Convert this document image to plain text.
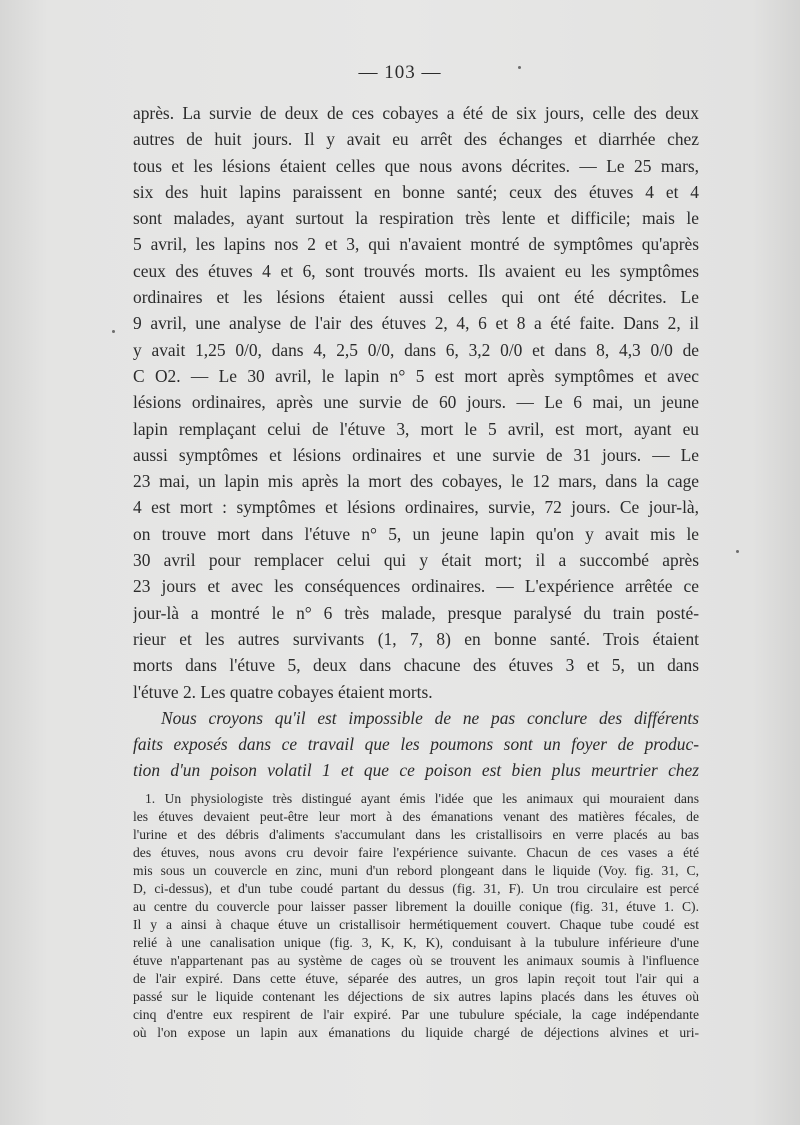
— 103 —
après. La survie de deux de ces cobayes a été de six jours, celle des deux
autres de huit jours. Il y avait eu arrêt des échanges et diarrhée chez
tous et les lésions étaient celles que nous avons décrites. — Le 25 mars,
six des huit lapins paraissent en bonne santé; ceux des étuves 4 et 4
sont malades, ayant surtout la respiration très lente et difficile; mais le
5 avril, les lapins nos 2 et 3, qui n'avaient montré de symptômes qu'après
ceux des étuves 4 et 6, sont trouvés morts. Ils avaient eu les symptômes
ordinaires et les lésions étaient aussi celles qui ont été décrites. Le
9 avril, une analyse de l'air des étuves 2, 4, 6 et 8 a été faite. Dans 2, il
y avait 1,25 0/0, dans 4, 2,5 0/0, dans 6, 3,2 0/0 et dans 8, 4,3 0/0 de
C O2. — Le 30 avril, le lapin n° 5 est mort après symptômes et avec
lésions ordinaires, après une survie de 60 jours. — Le 6 mai, un jeune
lapin remplaçant celui de l'étuve 3, mort le 5 avril, est mort, ayant eu
aussi symptômes et lésions ordinaires et une survie de 31 jours. — Le
23 mai, un lapin mis après la mort des cobayes, le 12 mars, dans la cage
4 est mort : symptômes et lésions ordinaires, survie, 72 jours. Ce jour-là,
on trouve mort dans l'étuve n° 5, un jeune lapin qu'on y avait mis le
30 avril pour remplacer celui qui y était mort; il a succombé après
23 jours et avec les conséquences ordinaires. — L'expérience arrêtée ce
jour-là a montré le n° 6 très malade, presque paralysé du train posté-
rieur et les autres survivants (1, 7, 8) en bonne santé. Trois étaient
morts dans l'étuve 5, deux dans chacune des étuves 3 et 5, un dans
l'étuve 2. Les quatre cobayes étaient morts.
Nous croyons qu'il est impossible de ne pas conclure des différents
faits exposés dans ce travail que les poumons sont un foyer de produc-
tion d'un poison volatil 1 et que ce poison est bien plus meurtrier chez
1. Un physiologiste très distingué ayant émis l'idée que les animaux qui mouraient dans
les étuves devaient peut-être leur mort à des émanations venant des matières fécales, de
l'urine et des débris d'aliments s'accumulant dans les cristallisoirs en verre placés au bas
des étuves, nous avons cru devoir faire l'expérience suivante. Chacun de ces vases a été
mis sous un couvercle en zinc, muni d'un rebord plongeant dans le liquide (Voy. fig. 31, C,
D, ci-dessus), et d'un tube coudé partant du dessus (fig. 31, F). Un trou circulaire est percé
au centre du couvercle pour laisser passer librement la douille conique (fig. 31, étuve 1. C).
Il y a ainsi à chaque étuve un cristallisoir hermétiquement couvert. Chaque tube coudé est
relié à une canalisation unique (fig. 3, K, K, K), conduisant à la tubulure inférieure d'une
étuve n'appartenant pas au système de cages où se trouvent les animaux soumis à l'influence
de l'air expiré. Dans cette étuve, séparée des autres, un gros lapin reçoit tout l'air qui a
passé sur le liquide contenant les déjections de six autres lapins placés dans les étuves où
cinq d'entre eux respirent de l'air expiré. Par une tubulure spéciale, la cage indépendante
où l'on expose un lapin aux émanations du liquide chargé de déjections alvines et uri-
